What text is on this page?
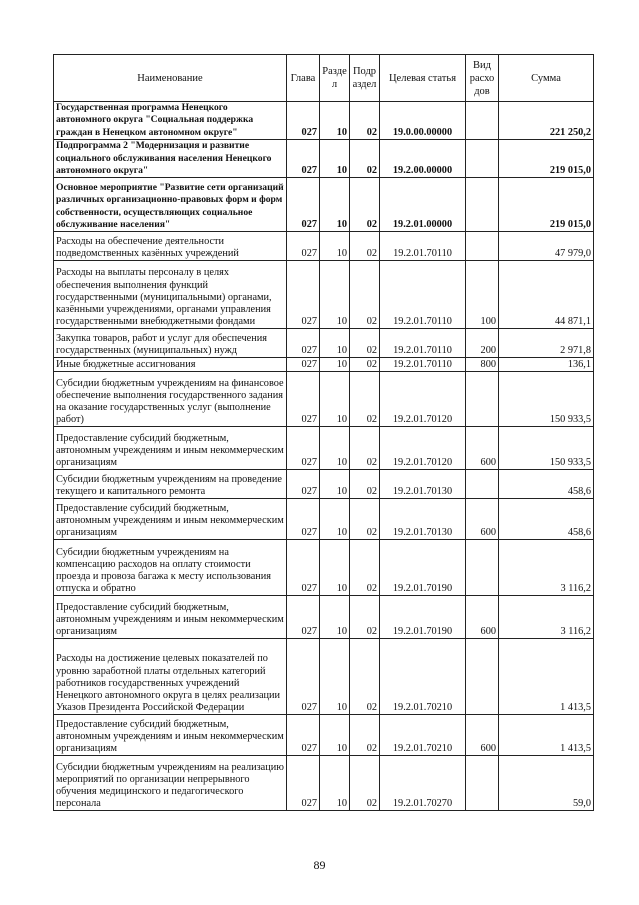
Наименование	Глава	Разде л	Подр аздел	Целевая статья	Вид расхо дов	Сумма
Государственная программа Ненецкого автономного округа "Социальная поддержка граждан в Ненецком автономном округе"	027	10	02	19.0.00.00000		221 250,2
Подпрограмма 2 "Модернизация и развитие социального обслуживания населения Ненецкого автономного округа"	027	10	02	19.2.00.00000		219 015,0
Основное мероприятие "Развитие сети организаций различных организационно-правовых форм и форм собственности, осуществляющих социальное обслуживание населения"	027	10	02	19.2.01.00000		219 015,0
Расходы на обеспечение деятельности подведомственных казённых учреждений	027	10	02	19.2.01.70110		47 979,0
Расходы на выплаты персоналу в целях обеспечения выполнения функций государственными (муниципальными) органами, казёнными учреждениями, органами управления государственными внебюджетными фондами	027	10	02	19.2.01.70110	100	44 871,1
Закупка товаров, работ и услуг для обеспечения государственных (муниципальных) нужд	027	10	02	19.2.01.70110	200	2 971,8
Иные бюджетные ассигнования	027	10	02	19.2.01.70110	800	136,1
Субсидии бюджетным учреждениям на финансовое обеспечение выполнения государственного задания на оказание государственных услуг (выполнение работ)	027	10	02	19.2.01.70120		150 933,5
Предоставление субсидий бюджетным, автономным учреждениям и иным некоммерческим организациям	027	10	02	19.2.01.70120	600	150 933,5
Субсидии бюджетным учреждениям на проведение текущего и капитального ремонта	027	10	02	19.2.01.70130		458,6
Предоставление субсидий бюджетным, автономным учреждениям и иным некоммерческим организациям	027	10	02	19.2.01.70130	600	458,6
Субсидии бюджетным учреждениям на компенсацию расходов на оплату стоимости проезда и провоза багажа к месту использования отпуска и обратно	027	10	02	19.2.01.70190		3 116,2
Предоставление субсидий бюджетным, автономным учреждениям и иным некоммерческим организациям	027	10	02	19.2.01.70190	600	3 116,2
Расходы на достижение целевых показателей по уровню заработной платы отдельных категорий работников государственных учреждений Ненецкого автономного округа в целях реализации Указов Президента Российской Федерации	027	10	02	19.2.01.70210		1 413,5
Предоставление субсидий бюджетным, автономным учреждениям и иным некоммерческим организациям	027	10	02	19.2.01.70210	600	1 413,5
Субсидии бюджетным учреждениям на реализацию мероприятий по организации непрерывного обучения медицинского и педагогического персонала	027	10	02	19.2.01.70270		59,0
89
